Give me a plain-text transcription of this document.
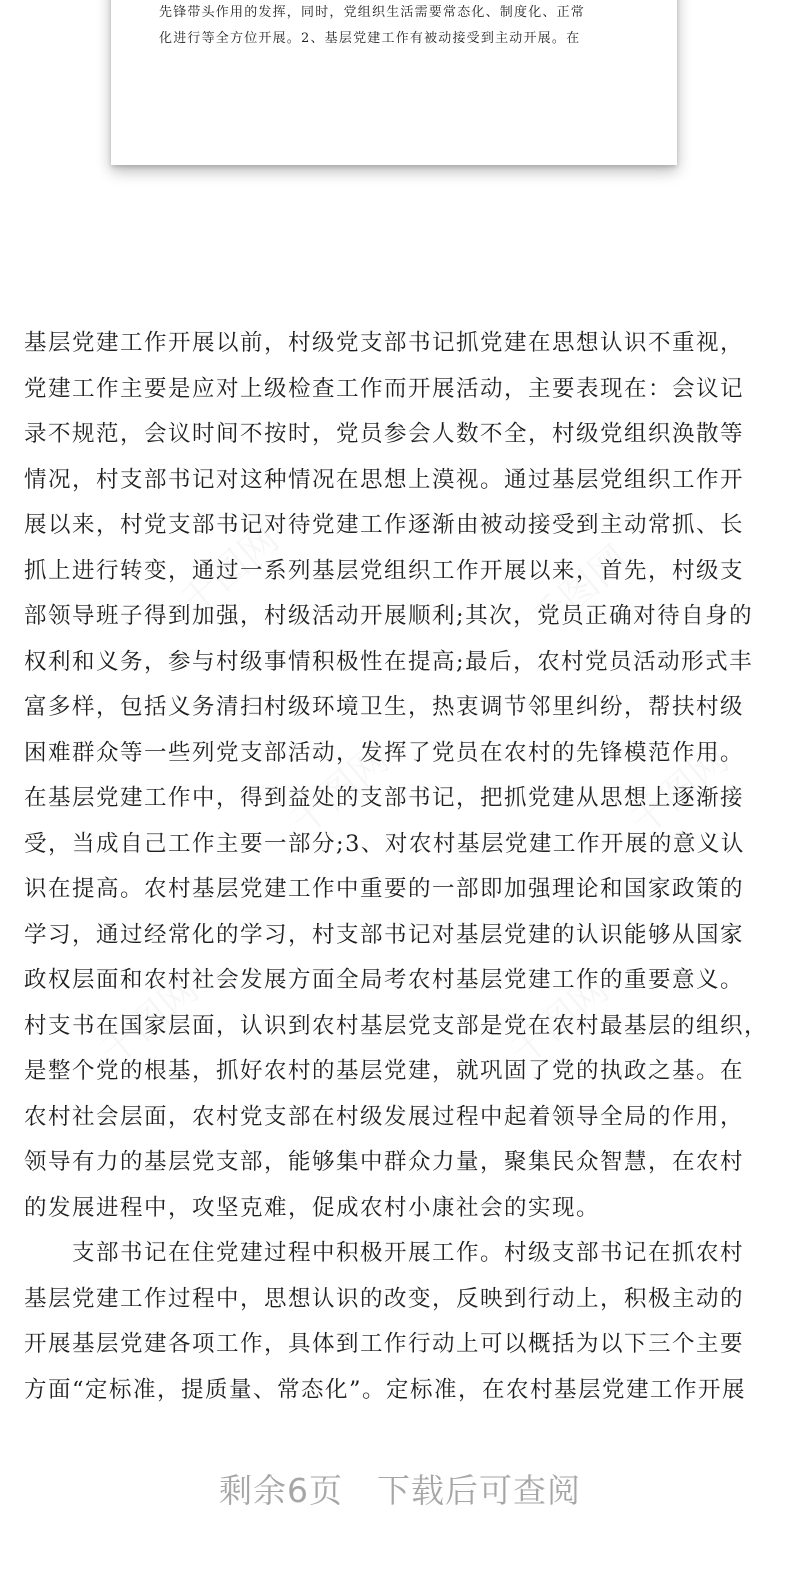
先锋带头作用的发挥，同时，党组织生活需要常态化、制度化、正常
化进行等全方位开展。2、基层党建工作有被动接受到主动开展。在
千图网	千图网
千图网	千图网
千图网	千图网
基层党建工作开展以前，村级党支部书记抓党建在思想认识不重视，
党建工作主要是应对上级检查工作而开展活动，主要表现在：会议记
录不规范，会议时间不按时，党员参会人数不全，村级党组织涣散等
情况，村支部书记对这种情况在思想上漠视。通过基层党组织工作开
展以来，村党支部书记对待党建工作逐渐由被动接受到主动常抓、长
抓上进行转变，通过一系列基层党组织工作开展以来，首先，村级支
部领导班子得到加强，村级活动开展顺利;其次，党员正确对待自身的
权利和义务，参与村级事情积极性在提高;最后，农村党员活动形式丰
富多样，包括义务清扫村级环境卫生，热衷调节邻里纠纷，帮扶村级
困难群众等一些列党支部活动，发挥了党员在农村的先锋模范作用。
在基层党建工作中，得到益处的支部书记，把抓党建从思想上逐渐接
受，当成自己工作主要一部分;3、对农村基层党建工作开展的意义认
识在提高。农村基层党建工作中重要的一部即加强理论和国家政策的
学习，通过经常化的学习，村支部书记对基层党建的认识能够从国家
政权层面和农村社会发展方面全局考农村基层党建工作的重要意义。
村支书在国家层面，认识到农村基层党支部是党在农村最基层的组织，
是整个党的根基，抓好农村的基层党建，就巩固了党的执政之基。在
农村社会层面，农村党支部在村级发展过程中起着领导全局的作用，
领导有力的基层党支部，能够集中群众力量，聚集民众智慧，在农村
的发展进程中，攻坚克难，促成农村小康社会的实现。
支部书记在住党建过程中积极开展工作。村级支部书记在抓农村
基层党建工作过程中，思想认识的改变，反映到行动上，积极主动的
开展基层党建各项工作，具体到工作行动上可以概括为以下三个主要
方面“定标准，提质量、常态化”。定标准，在农村基层党建工作开展
剩余6页 下载后可查阅
